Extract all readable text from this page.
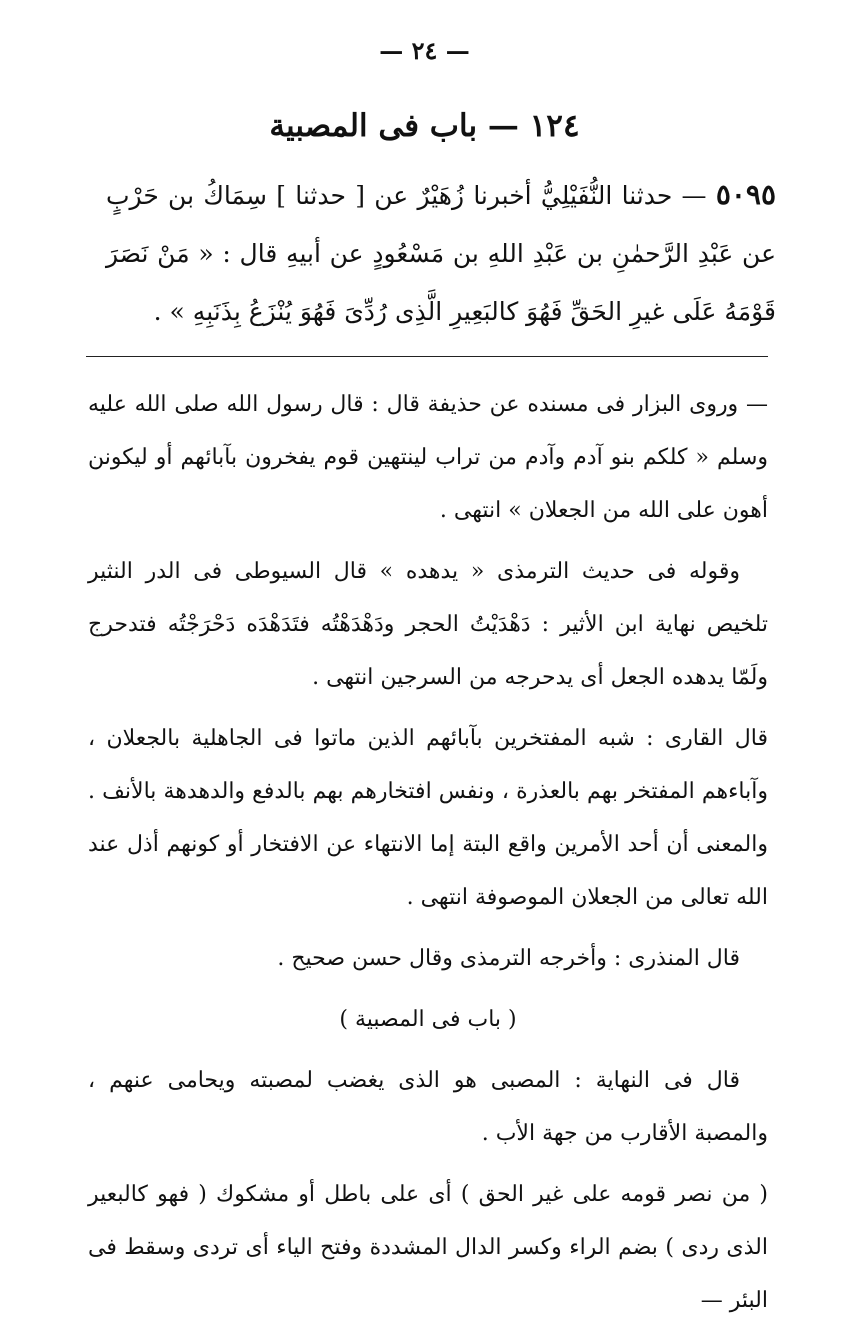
— ٢٤ —
١٢٤ — باب فى المصبية
٥٠٩٥ — حدثنا النُّفَيْلِيُّ أخبرنا زُهَيْرٌ عن [ حدثنا ] سِمَاكُ بن حَرْبٍ عن عَبْدِ الرَّحمٰنِ بن عَبْدِ اللهِ بن مَسْعُودٍ عن أبيهِ قال : « مَنْ نَصَرَ قَوْمَهُ عَلَى غيرِ الحَقِّ فَهُوَ كالبَعِيرِ الَّذِى رُدِّىَ فَهُوَ يُنْزَعُ بِذَنَبِهِ » .

— وروى البزار فى مسنده عن حذيفة قال : قال رسول الله صلى الله عليه وسلم « كلكم بنو آدم وآدم من تراب لينتهين قوم يفخرون بآبائهم أو ليكونن أهون على الله من الجعلان » انتهى .

وقوله فى حديث الترمذى « يدهده » قال السيوطى فى الدر النثير تلخيص نهاية ابن الأثير : دَهْدَيْتُ الحجر ودَهْدَهْتُه فتَدَهْدَه دَحْرَجْتُه فتدحرج ولَمّا يدهده الجعل أى يدحرجه من السرجين انتهى .

قال القارى : شبه المفتخرين بآبائهم الذين ماتوا فى الجاهلية بالجعلان ، وآباءهم المفتخر بهم بالعذرة ، ونفس افتخارهم بهم بالدفع والدهدهة بالأنف . والمعنى أن أحد الأمرين واقع البتة إما الانتهاء عن الافتخار أو كونهم أذل عند الله تعالى من الجعلان الموصوفة انتهى .

قال المنذرى : وأخرجه الترمذى وقال حسن صحيح .

( باب فى المصبية )

قال فى النهاية : المصبى هو الذى يغضب لمصبته ويحامى عنهم ، والمصبة الأقارب من جهة الأب .

( من نصر قومه على غير الحق ) أى على باطل أو مشكوك ( فهو كالبعير الذى ردى ) بضم الراء وكسر الدال المشددة وفتح الياء أى تردى وسقط فى البئر —
